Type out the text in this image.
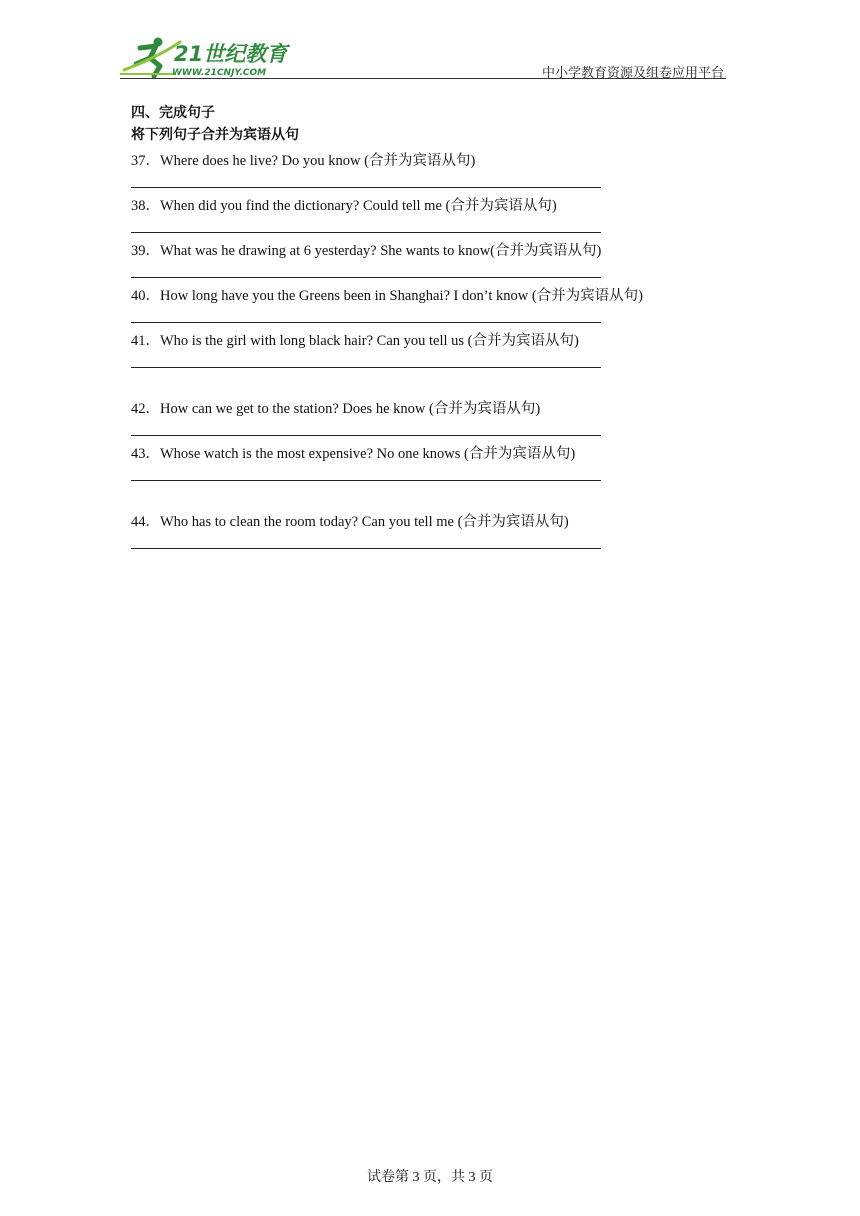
21世纪教育
WWW.21CNJY.COM	中小学教育资源及组卷应用平台
四、完成句子
将下列句子合并为宾语从句
37．Where does he live? Do you know (合并为宾语从句)
38．When did you find the dictionary? Could tell me (合并为宾语从句)
39．What was he drawing at 6 yesterday? She wants to know(合并为宾语从句)
40．How long have you the Greens been in Shanghai? I don’t know (合并为宾语从句)
41．Who is the girl with long black hair? Can you tell us (合并为宾语从句)
42．How can we get to the station? Does he know (合并为宾语从句)
43．Whose watch is the most expensive? No one knows (合并为宾语从句)
44．Who has to clean the room today? Can you tell me (合并为宾语从句)
试卷第 3 页，共 3 页
